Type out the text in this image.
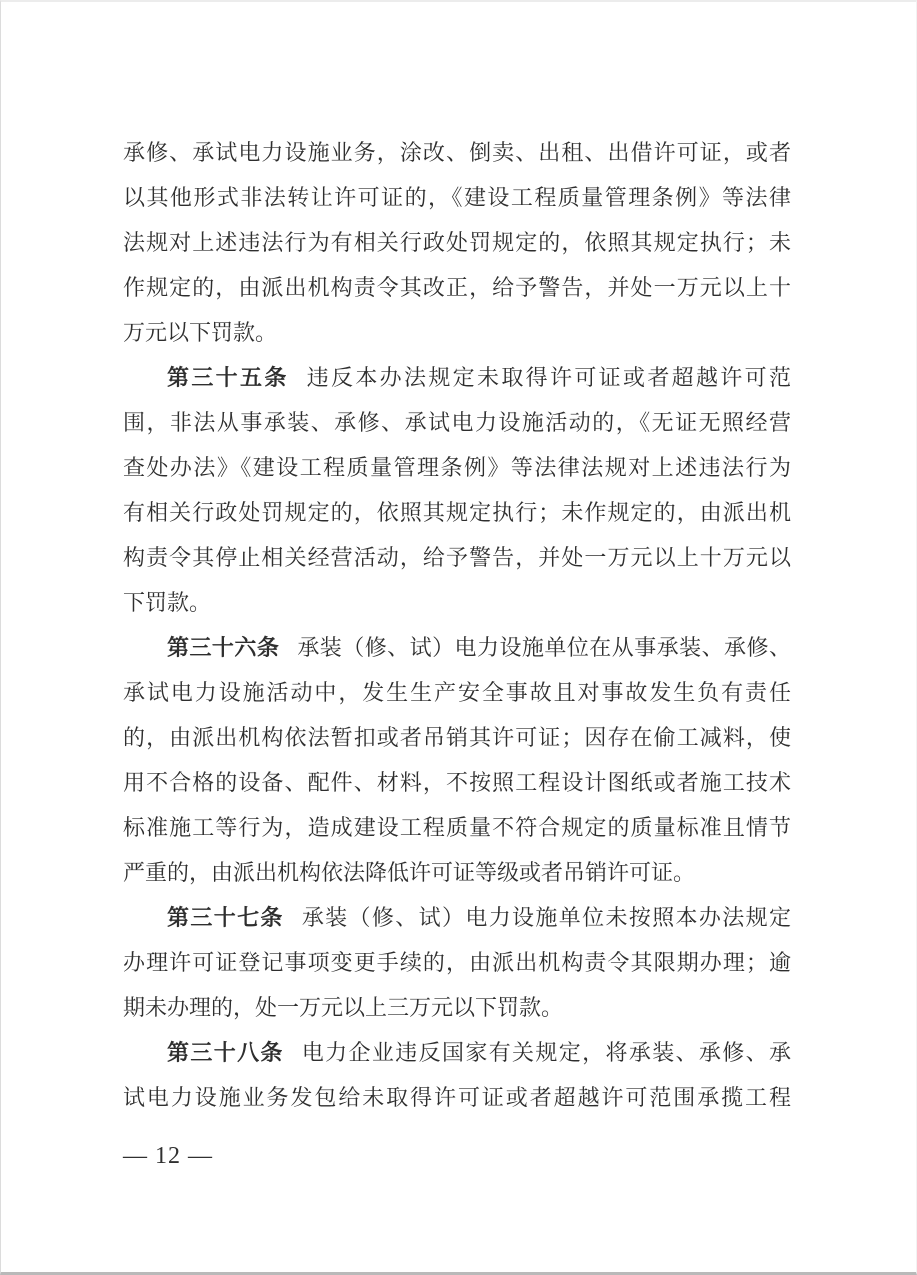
承修、承试电力设施业务，涂改、倒卖、出租、出借许可证，或者
以其他形式非法转让许可证的，《建设工程质量管理条例》等法律
法规对上述违法行为有相关行政处罚规定的，依照其规定执行；未
作规定的，由派出机构责令其改正，给予警告，并处一万元以上十
万元以下罚款。
第三十五条 违反本办法规定未取得许可证或者超越许可范
围，非法从事承装、承修、承试电力设施活动的，《无证无照经营
查处办法》《建设工程质量管理条例》等法律法规对上述违法行为
有相关行政处罚规定的，依照其规定执行；未作规定的，由派出机
构责令其停止相关经营活动，给予警告，并处一万元以上十万元以
下罚款。
第三十六条 承装（修、试）电力设施单位在从事承装、承修、
承试电力设施活动中，发生生产安全事故且对事故发生负有责任
的，由派出机构依法暂扣或者吊销其许可证；因存在偷工减料，使
用不合格的设备、配件、材料，不按照工程设计图纸或者施工技术
标准施工等行为，造成建设工程质量不符合规定的质量标准且情节
严重的，由派出机构依法降低许可证等级或者吊销许可证。
第三十七条 承装（修、试）电力设施单位未按照本办法规定
办理许可证登记事项变更手续的，由派出机构责令其限期办理；逾
期未办理的，处一万元以上三万元以下罚款。
第三十八条 电力企业违反国家有关规定，将承装、承修、承
试电力设施业务发包给未取得许可证或者超越许可范围承揽工程
— 12 —
